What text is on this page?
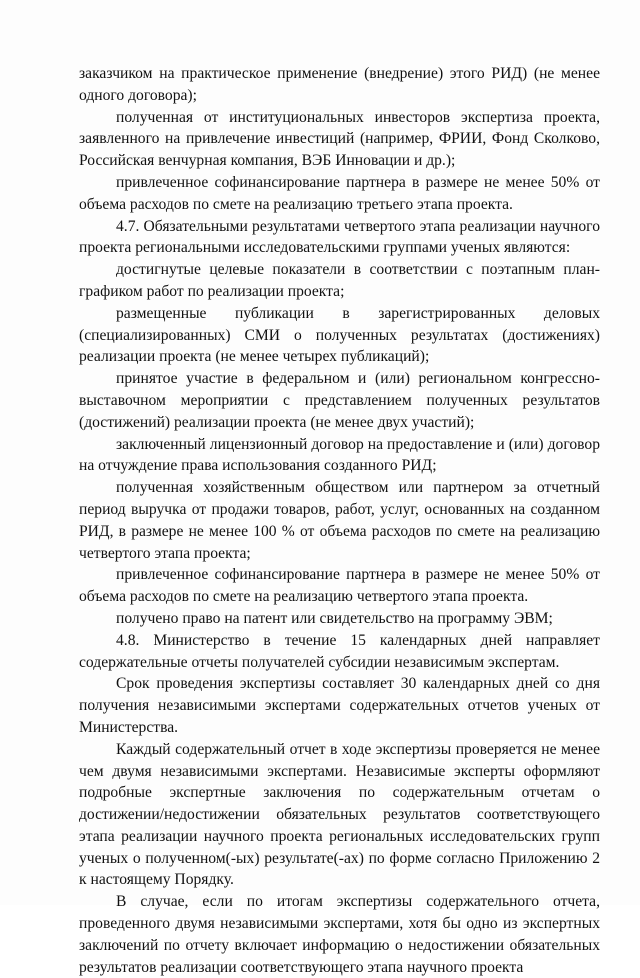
заказчиком на практическое применение (внедрение) этого РИД) (не менее одного договора);

полученная от институциональных инвесторов экспертиза проекта, заявленного на привлечение инвестиций (например, ФРИИ, Фонд Сколково, Российская венчурная компания, ВЭБ Инновации и др.);

привлеченное софинансирование партнера в размере не менее 50% от объема расходов по смете на реализацию третьего этапа проекта.

4.7. Обязательными результатами четвертого этапа реализации научного проекта региональными исследовательскими группами ученых являются:

достигнутые целевые показатели в соответствии с поэтапным план-графиком работ по реализации проекта;

размещенные публикации в зарегистрированных деловых (специализированных) СМИ о полученных результатах (достижениях) реализации проекта (не менее четырех публикаций);

принятое участие в федеральном и (или) региональном конгрессно-выставочном мероприятии с представлением полученных результатов (достижений) реализации проекта (не менее двух участий);

заключенный лицензионный договор на предоставление и (или) договор на отчуждение права использования созданного РИД;

полученная хозяйственным обществом или партнером за отчетный период выручка от продажи товаров, работ, услуг, основанных на созданном РИД, в размере не менее 100 % от объема расходов по смете на реализацию четвертого этапа проекта;

привлеченное софинансирование партнера в размере не менее 50% от объема расходов по смете на реализацию четвертого этапа проекта.

получено право на патент или свидетельство на программу ЭВМ;

4.8. Министерство в течение 15 календарных дней направляет содержательные отчеты получателей субсидии независимым экспертам.

Срок проведения экспертизы составляет 30 календарных дней со дня получения независимыми экспертами содержательных отчетов ученых от Министерства.

Каждый содержательный отчет в ходе экспертизы проверяется не менее чем двумя независимыми экспертами. Независимые эксперты оформляют подробные экспертные заключения по содержательным отчетам о достижении/недостижении обязательных результатов соответствующего этапа реализации научного проекта региональных исследовательских групп ученых о полученном(-ых) результате(-ах) по форме согласно Приложению 2 к настоящему Порядку.

В случае, если по итогам экспертизы содержательного отчета, проведенного двумя независимыми экспертами, хотя бы одно из экспертных заключений по отчету включает информацию о недостижении обязательных результатов реализации соответствующего этапа научного проекта
